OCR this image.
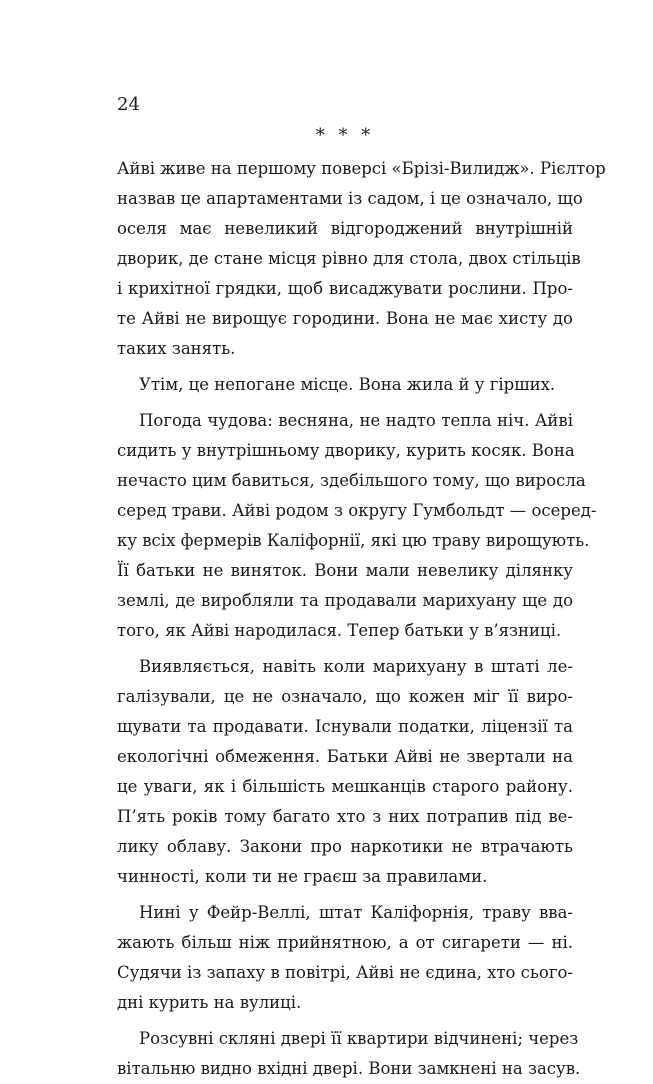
24
* * *
Айві живе на першому поверсі «Брізі-Вилидж». Рієлтор
назвав це апартаментами із садом, і це означало, що
оселя має невеликий відгороджений внутрішній
дворик, де стане місця рівно для стола, двох стільців
і крихітної грядки, щоб висаджувати рослини. Про-
те Айві не вирощує городини. Вона не має хисту до
таких занять.
Утім, це непогане місце. Вона жила й у гірших.
Погода чудова: весняна, не надто тепла ніч. Айві
сидить у внутрішньому дворику, курить косяк. Вона
нечасто цим бавиться, здебільшого тому, що виросла
серед трави. Айві родом з округу Гумбольдт — осеред-
ку всіх фермерів Каліфорнії, які цю траву вирощують.
Її батьки не виняток. Вони мали невелику ділянку
землі, де виробляли та продавали марихуану ще до
того, як Айві народилася. Тепер батьки у в’язниці.
Виявляється, навіть коли марихуану в штаті ле-
галізували, це не означало, що кожен міг її виро-
щувати та продавати. Існували податки, ліцензії та
екологічні обмеження. Батьки Айві не звертали на
це уваги, як і більшість мешканців старого району.
П’ять років тому багато хто з них потрапив під ве-
лику облаву. Закони про наркотики не втрачають
чинності, коли ти не граєш за правилами.
Нині у Фейр-Веллі, штат Каліфорнія, траву вва-
жають більш ніж прийнятною, а от сигарети — ні.
Судячи із запаху в повітрі, Айві не єдина, хто сього-
дні курить на вулиці.
Розсувні скляні двері її квартири відчинені; через
вітальню видно вхідні двері. Вони замкнені на засув.
